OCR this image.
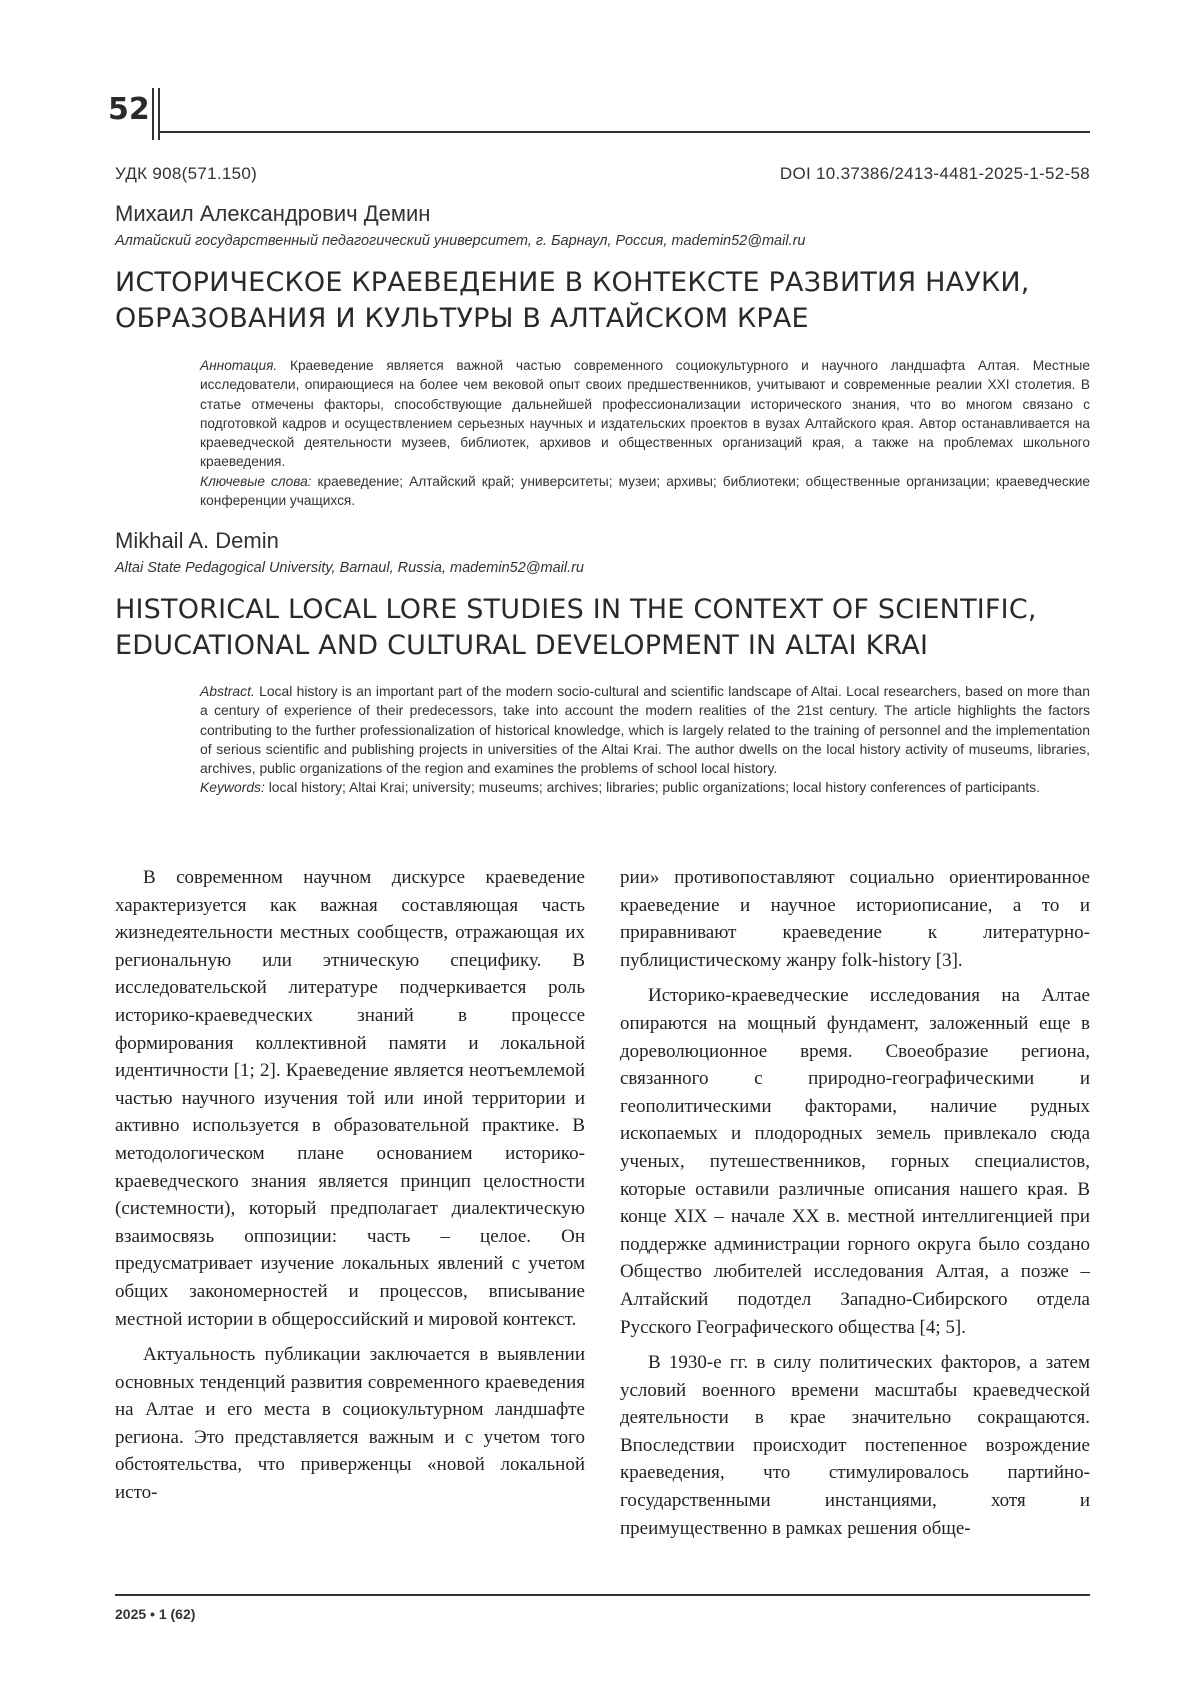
52
УДК 908(571.150)	DOI 10.37386/2413-4481-2025-1-52-58
Михаил Александрович Демин
Алтайский государственный педагогический университет, г. Барнаул, Россия, mademin52@mail.ru
ИСТОРИЧЕСКОЕ КРАЕВЕДЕНИЕ В КОНТЕКСТЕ РАЗВИТИЯ НАУКИ, ОБРАЗОВАНИЯ И КУЛЬТУРЫ В АЛТАЙСКОМ КРАЕ

Аннотация. Краеведение является важной частью современного социокультурного и научного ландшафта Алтая. Местные исследователи, опирающиеся на более чем вековой опыт своих предшественников, учитывают и современные реалии XXI столетия. В статье отмечены факторы, способствующие дальнейшей профессионализации исторического знания, что во многом связано с подготовкой кадров и осуществлением серьезных научных и издательских проектов в вузах Алтайского края. Автор останавливается на краеведческой деятельности музеев, библиотек, архивов и общественных организаций края, а также на проблемах школьного краеведения.

Ключевые слова: краеведение; Алтайский край; университеты; музеи; архивы; библиотеки; общественные организации; краеведческие конференции учащихся.

Mikhail A. Demin
Altai State Pedagogical University, Barnaul, Russia, mademin52@mail.ru
HISTORICAL LOCAL LORE STUDIES IN THE CONTEXT OF SCIENTIFIC, EDUCATIONAL AND CULTURAL DEVELOPMENT IN ALTAI KRAI

Abstract. Local history is an important part of the modern socio-cultural and scientific landscape of Altai. Local researchers, based on more than a century of experience of their predecessors, take into account the modern realities of the 21st century. The article highlights the factors contributing to the further professionalization of historical knowledge, which is largely related to the training of personnel and the implementation of serious scientific and publishing projects in universities of the Altai Krai. The author dwells on the local history activity of museums, libraries, archives, public organizations of the region and examines the problems of school local history.

Keywords: local history; Altai Krai; university; museums; archives; libraries; public organizations; local history conferences of participants.

В современном научном дискурсе краеведение характеризуется как важная составляющая часть жизнедеятельности местных сообществ, отражающая их региональную или этническую специфику. В исследовательской литературе подчеркивается роль историко-краеведческих знаний в процессе формирования коллективной памяти и локальной идентичности [1; 2]. Краеведение является неотъемлемой частью научного изучения той или иной территории и активно используется в образовательной практике. В методологическом плане основанием историко-краеведческого знания является принцип целостности (системности), который предполагает диалектическую взаимосвязь оппозиции: часть – целое. Он предусматривает изучение локальных явлений с учетом общих закономерностей и процессов, вписывание местной истории в общероссийский и мировой контекст.

Актуальность публикации заключается в выявлении основных тенденций развития современного краеведения на Алтае и его места в социокультурном ландшафте региона. Это представляется важным и с учетом того обстоятельства, что приверженцы «новой локальной исто-

рии» противопоставляют социально ориентированное краеведение и научное историописание, а то и приравнивают краеведение к литературно-публицистическому жанру folk-history [3].

Историко-краеведческие исследования на Алтае опираются на мощный фундамент, заложенный еще в дореволюционное время. Своеобразие региона, связанного с природно-географическими и геополитическими факторами, наличие рудных ископаемых и плодородных земель привлекало сюда ученых, путешественников, горных специалистов, которые оставили различные описания нашего края. В конце XIX – начале XX в. местной интеллигенцией при поддержке администрации горного округа было создано Общество любителей исследования Алтая, а позже – Алтайский подотдел Западно-Сибирского отдела Русского Географического общества [4; 5].

В 1930-е гг. в силу политических факторов, а затем условий военного времени масштабы краеведческой деятельности в крае значительно сокращаются. Впоследствии происходит постепенное возрождение краеведения, что стимулировалось партийно-государственными инстанциями, хотя и преимущественно в рамках решения обще-

2025 • 1 (62)
